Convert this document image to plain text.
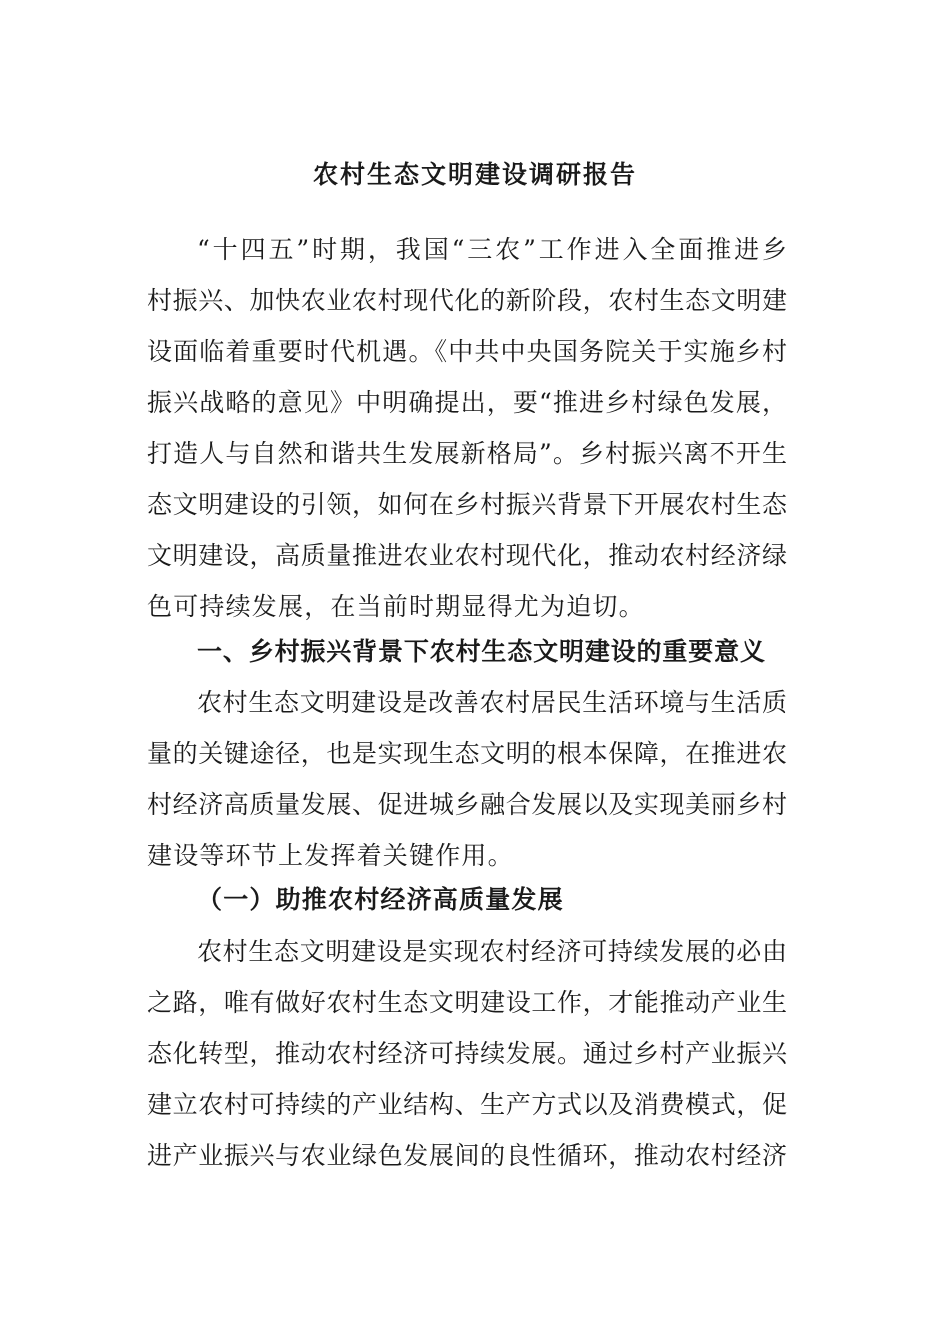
农村生态文明建设调研报告
“十四五”时期，我国“三农”工作进入全面推进乡
村振兴、加快农业农村现代化的新阶段，农村生态文明建
设面临着重要时代机遇。《中共中央国务院关于实施乡村
振兴战略的意见》中明确提出，要“推进乡村绿色发展，
打造人与自然和谐共生发展新格局”。乡村振兴离不开生
态文明建设的引领，如何在乡村振兴背景下开展农村生态
文明建设，高质量推进农业农村现代化，推动农村经济绿
色可持续发展，在当前时期显得尤为迫切。
一、乡村振兴背景下农村生态文明建设的重要意义
农村生态文明建设是改善农村居民生活环境与生活质
量的关键途径，也是实现生态文明的根本保障，在推进农
村经济高质量发展、促进城乡融合发展以及实现美丽乡村
建设等环节上发挥着关键作用。
（一）助推农村经济高质量发展
农村生态文明建设是实现农村经济可持续发展的必由
之路，唯有做好农村生态文明建设工作，才能推动产业生
态化转型，推动农村经济可持续发展。通过乡村产业振兴
建立农村可持续的产业结构、生产方式以及消费模式，促
进产业振兴与农业绿色发展间的良性循环，推动农村经济
